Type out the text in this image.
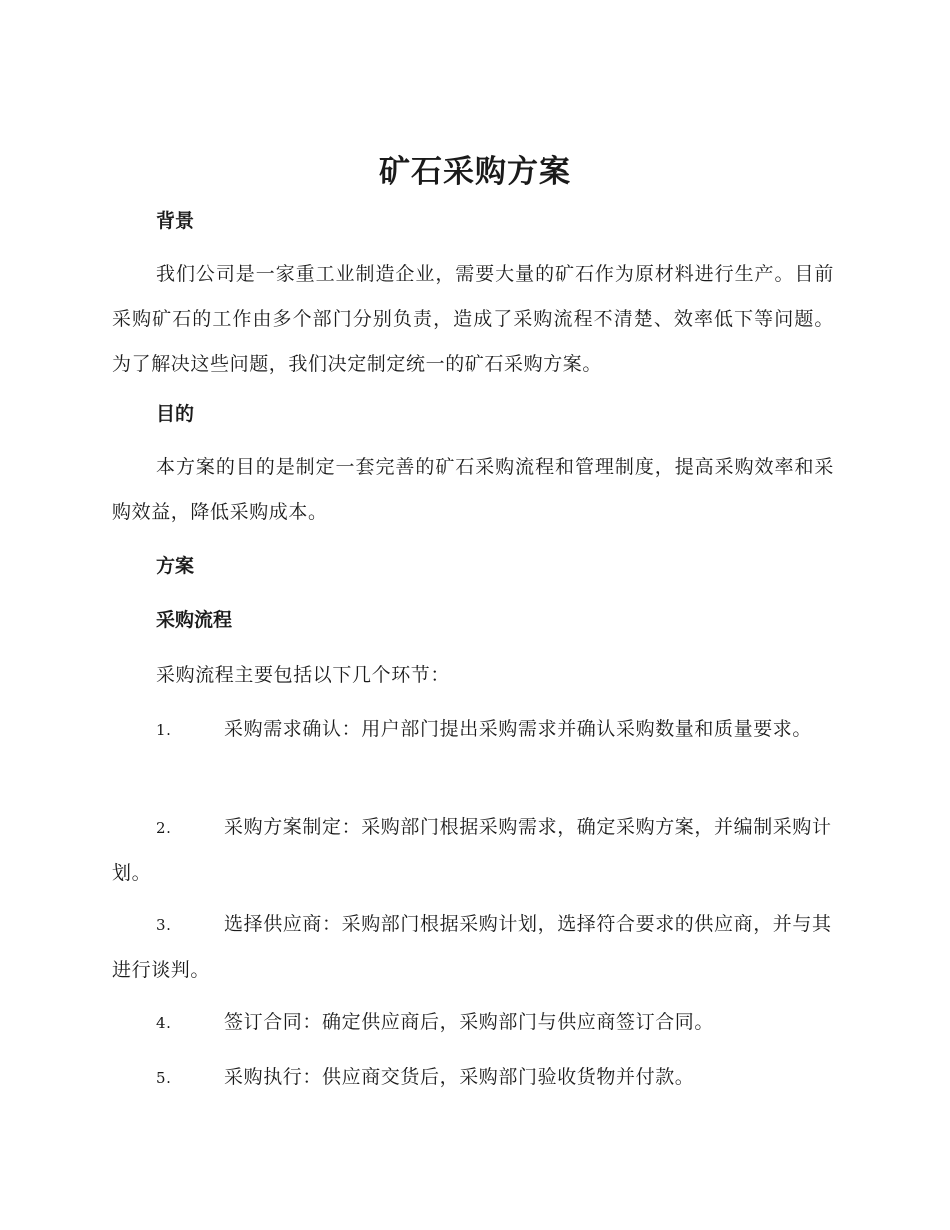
矿石采购方案
背景

我们公司是一家重工业制造企业，需要大量的矿石作为原材料进行生产。目前采购矿石的工作由多个部门分别负责，造成了采购流程不清楚、效率低下等问题。为了解决这些问题，我们决定制定统一的矿石采购方案。

目的

本方案的目的是制定一套完善的矿石采购流程和管理制度，提高采购效率和采购效益，降低采购成本。

方案
采购流程

采购流程主要包括以下几个环节：

1.	采购需求确认：用户部门提出采购需求并确认采购数量和质量要求。

2.	采购方案制定：采购部门根据采购需求，确定采购方案，并编制采购计划。

3.	选择供应商：采购部门根据采购计划，选择符合要求的供应商，并与其进行谈判。

4.	签订合同：确定供应商后，采购部门与供应商签订合同。

5.	采购执行：供应商交货后，采购部门验收货物并付款。
